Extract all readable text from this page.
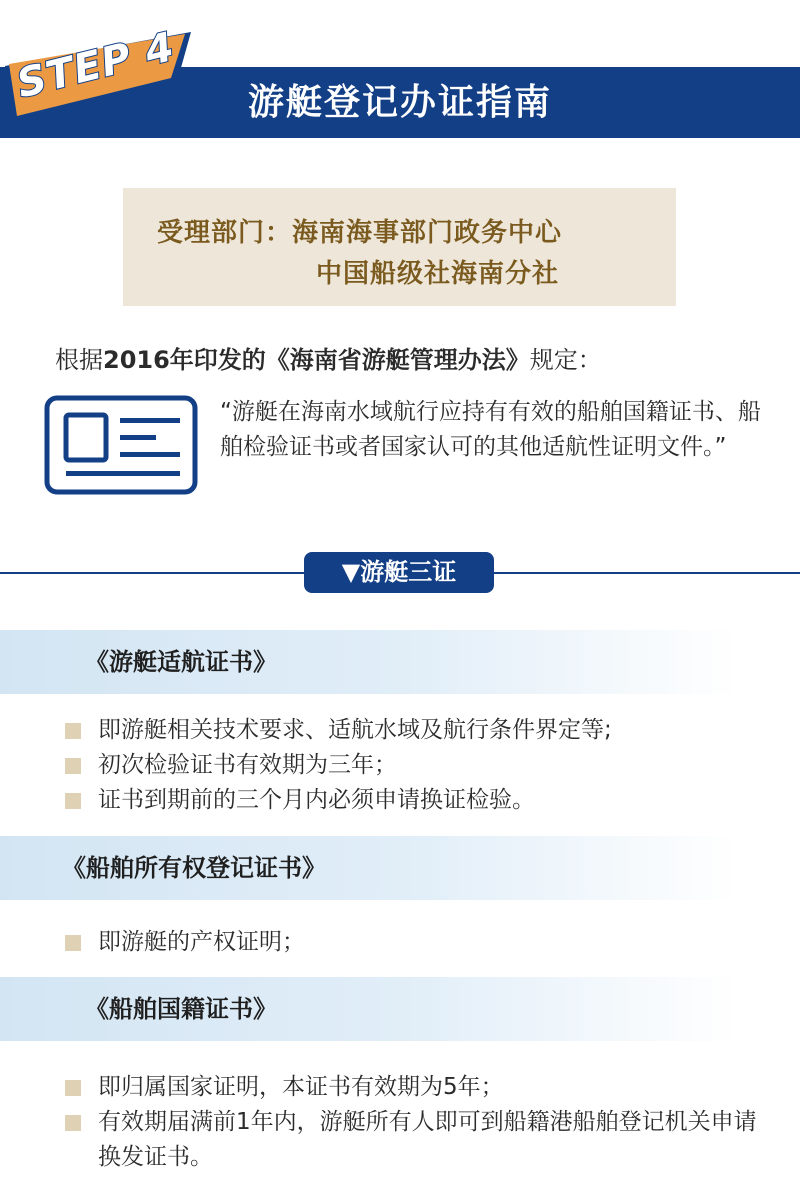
游艇登记办证指南
STEP 4
受理部门：海南海事部门政务中心
中国船级社海南分社
根据2016年印发的《海南省游艇管理办法》规定：
“游艇在海南水域航行应持有有效的船舶国籍证书、船舶检验证书或者国家认可的其他适航性证明文件。”
▼游艇三证
《游艇适航证书》
即游艇相关技术要求、适航水域及航行条件界定等;
初次检验证书有效期为三年；
证书到期前的三个月内必须申请换证检验。
《船舶所有权登记证书》
即游艇的产权证明；
《船舶国籍证书》
即归属国家证明，本证书有效期为5年；
有效期届满前1年内，游艇所有人即可到船籍港船舶登记机关申请换发证书。
